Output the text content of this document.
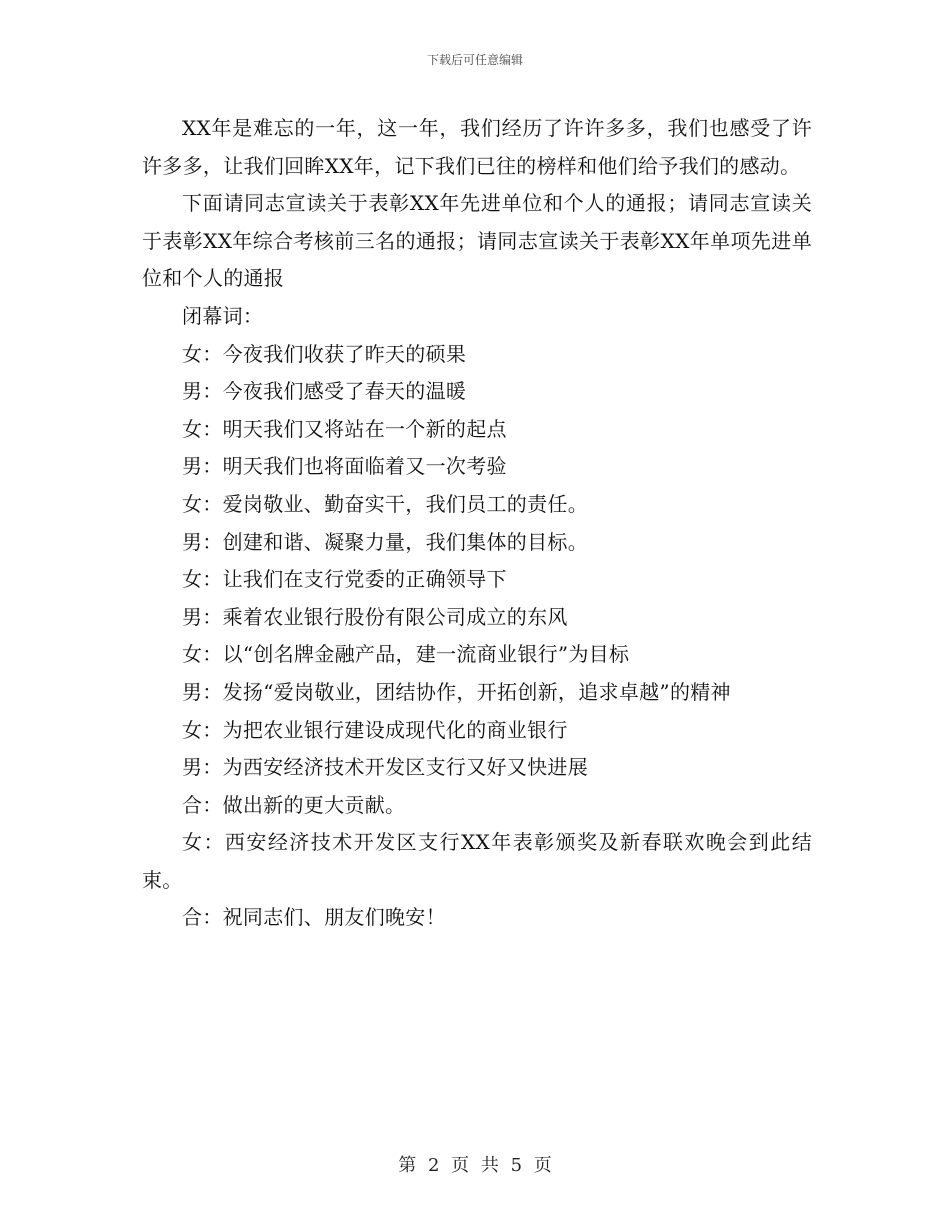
下载后可任意编辑

XX年是难忘的一年，这一年，我们经历了许许多多，我们也感受了许许多多，让我们回眸XX年，记下我们已往的榜样和他们给予我们的感动。

下面请同志宣读关于表彰XX年先进单位和个人的通报；请同志宣读关于表彰XX年综合考核前三名的通报；请同志宣读关于表彰XX年单项先进单位和个人的通报

闭幕词：

女：今夜我们收获了昨天的硕果

男：今夜我们感受了春天的温暖

女：明天我们又将站在一个新的起点

男：明天我们也将面临着又一次考验

女：爱岗敬业、勤奋实干，我们员工的责任。

男：创建和谐、凝聚力量，我们集体的目标。

女：让我们在支行党委的正确领导下

男：乘着农业银行股份有限公司成立的东风

女：以“创名牌金融产品，建一流商业银行”为目标

男：发扬“爱岗敬业，团结协作，开拓创新，追求卓越”的精神

女：为把农业银行建设成现代化的商业银行

男：为西安经济技术开发区支行又好又快进展

合：做出新的更大贡献。

女：西安经济技术开发区支行XX年表彰颁奖及新春联欢晚会到此结束。

合：祝同志们、朋友们晚安！

第 2 页 共 5 页
